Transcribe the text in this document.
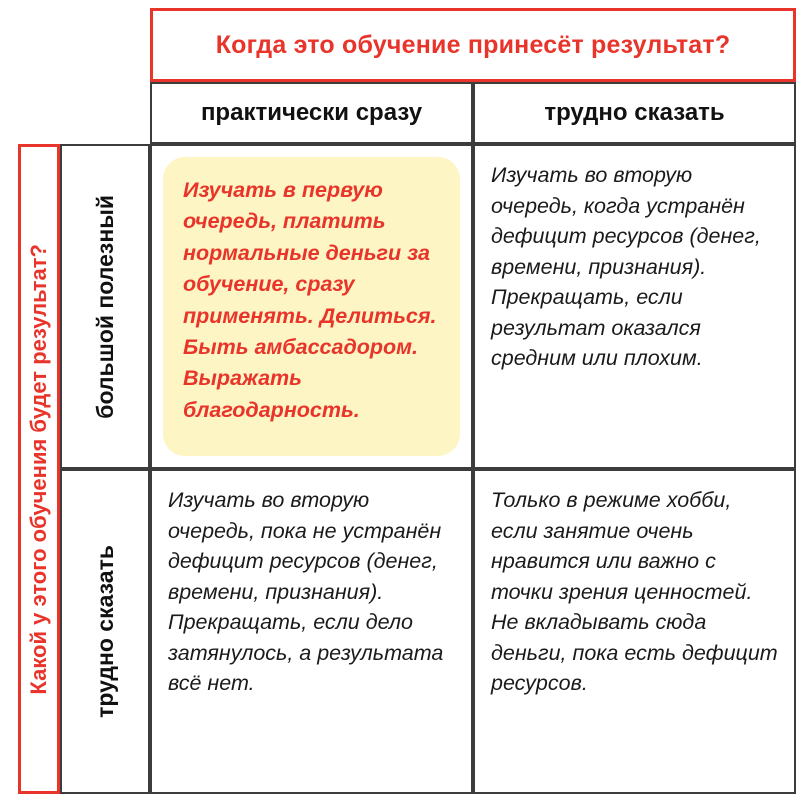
Когда это обучение принесёт результат?
практически сразу	трудно сказать
Какой у этого обучения будет результат? большой полезный
трудно сказать
Изучать в первую очередь, платить нормальные деньги за обучение, сразу применять. Делиться. Быть амбассадором. Выражать благодарность.
Изучать во вторую очередь, когда устранён дефицит ресурсов (денег, времени, признания). Прекращать, если результат оказался средним или плохим.
Изучать во вторую очередь, пока не устранён дефицит ресурсов (денег, времени, признания). Прекращать, если дело затянулось, а результата всё нет.
Только в режиме хобби, если занятие очень нравится или важно с точки зрения ценностей. Не вкладывать сюда деньги, пока есть дефицит ресурсов.
